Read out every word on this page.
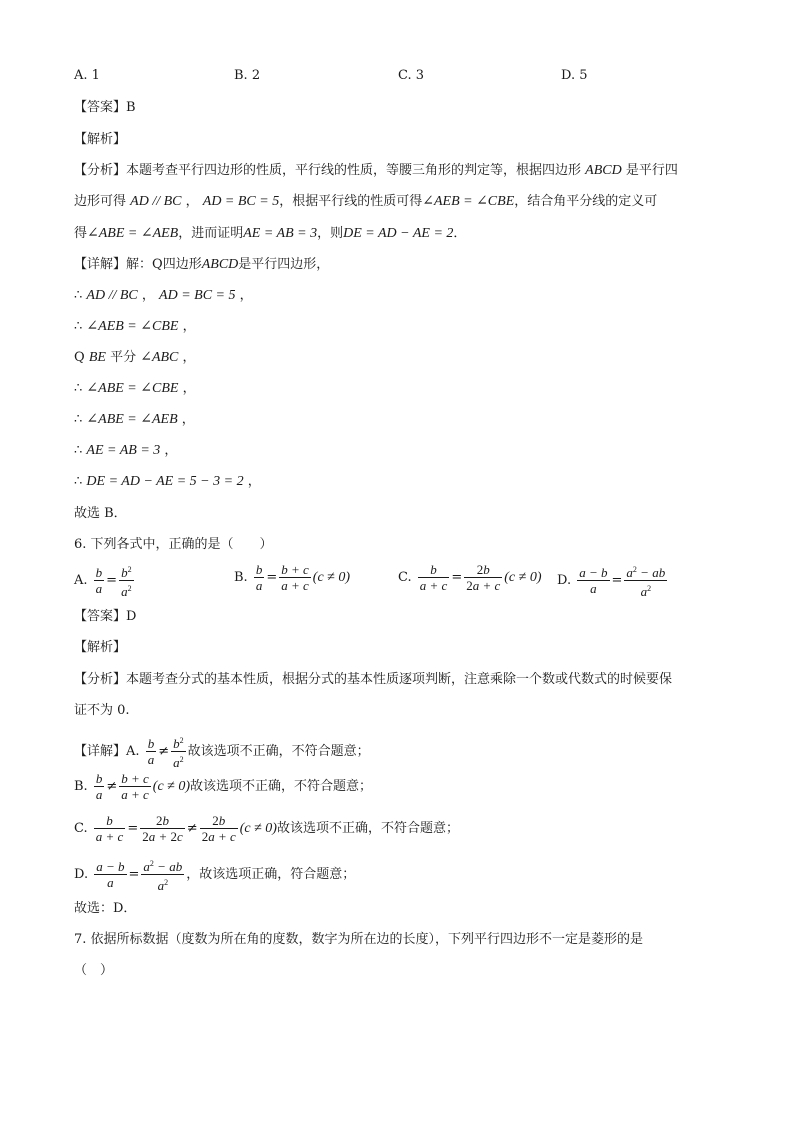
A. 1	B. 2	C. 3	D. 5
【答案】B
【解析】
【分析】本题考查平行四边形的性质，平行线的性质，等腰三角形的判定等，根据四边形 ABCD 是平行四
边形可得 AD // BC ， AD = BC = 5，根据平行线的性质可得∠AEB = ∠CBE，结合角平分线的定义可
得∠ABE = ∠AEB，进而证明AE = AB = 3，则DE = AD − AE = 2．
【详解】解：Q四边形ABCD是平行四边形，
∴ AD // BC ， AD = BC = 5 ，
∴ ∠AEB = ∠CBE ，
Q BE 平分 ∠ABC ，
∴ ∠ABE = ∠CBE ，
∴ ∠ABE = ∠AEB ，
∴ AE = AB = 3 ，
∴ DE = AD − AE = 5 − 3 = 2 ，
故选 B．
6. 下列各式中，正确的是（　　）
A. $\frac{b}{a} = \frac{b^2}{a^2}$	B. $\frac{b}{a} = \frac{b + c}{a + c} (c \ne 0)$	C. $\frac{b}{a + c} = \frac{2b}{2a + c} (c \ne 0)$ D. $\frac{a - b}{a} = \frac{a^2 - ab}{a^2}$
【答案】D
【解析】
【分析】本题考查分式的基本性质，根据分式的基本性质逐项判断，注意乘除一个数或代数式的时候要保
证不为 0.
【详解】A. $\frac{b}{a} \ne \frac{b^2}{a^2}$ 故该选项不正确，不符合题意；
B. $\frac{b}{a} \ne \frac{b + c}{a + c} (c \ne 0)$故该选项不正确，不符合题意；
C. $\frac{b}{a + c} = \frac{2b}{2a + 2c} \ne \frac{2b}{2a + c} (c \ne 0)$故该选项不正确，不符合题意；
D. $\frac{a - b}{a} = \frac{a^2 - ab}{a^2}$ ，故该选项正确，符合题意；
故选：D．
7. 依据所标数据（度数为所在角的度数，数字为所在边的长度），下列平行四边形不一定是菱形的是
（　）
